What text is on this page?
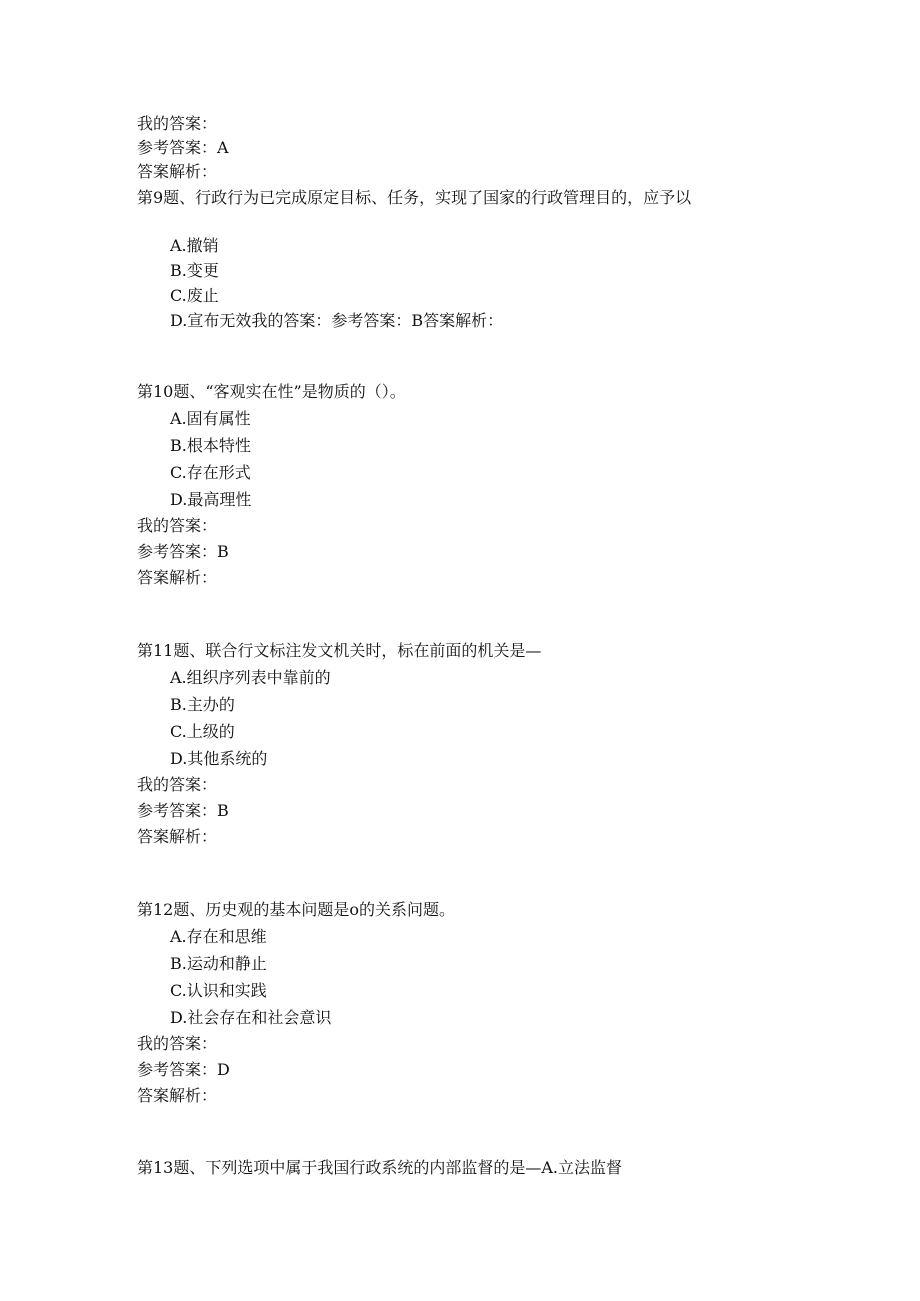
我的答案：
参考答案：A
答案解析：
第9题、行政行为已完成原定目标、任务，实现了国家的行政管理目的，应予以
A.撤销
B.变更
C.废止
D.宣布无效我的答案：参考答案：B答案解析：
第10题、“客观实在性”是物质的（）。
A.固有属性
B.根本特性
C.存在形式
D.最高理性
我的答案：
参考答案：B
答案解析：
第11题、联合行文标注发文机关时，标在前面的机关是—
A.组织序列表中靠前的
B.主办的
C.上级的
D.其他系统的
我的答案：
参考答案：B
答案解析：
第12题、历史观的基本问题是o的关系问题。
A.存在和思维
B.运动和静止
C.认识和实践
D.社会存在和社会意识
我的答案：
参考答案：D
答案解析：
第13题、下列选项中属于我国行政系统的内部监督的是—A.立法监督
